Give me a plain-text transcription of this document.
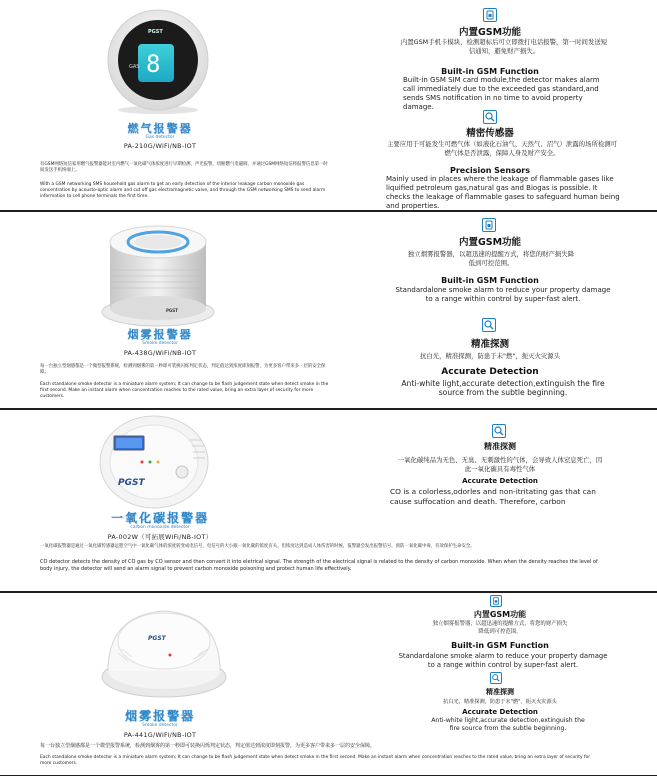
PGST
GAS 8
燃气报警器
Gas detector
PA-210G/WiFi/NB-IOT
有GSM网络短信家用燃气报警器能对室内燃气一氧化碳气体浓度进行早期检测，声光报警，切断燃气电磁阀，并通过GSM网络短信将报警信息第一时间发送手机终端上。
With a GSM networking SMS household gas alarm to get an early detection of the interior leakage carbon monoxide gas concentration by acousto-optic alarm and cut off gas electromagnetic valve, and through the GSM networking SMS to send alarm information to cell phone terminals the first time.
内置GSM功能
内置GSM手机卡模块，检测超标后可立即拨打电话报警，第一时间发送短信通知，避免财产损失。
Built-in GSM Function
Built-in GSM SIM card module,the detector makes alarm call immediately due to the exceeded gas standard,and sends SMS notification in no time to avoid property damage.
精密传感器
主要应用于可能发生可燃气体（如液化石油气、天然气、沼气）泄露的场所检测可燃气体是否泄露，保障人身及财产安全。
Precision Sensors
Mainly used in places where the leakage of flammable gases like liquified petroleum gas,natural gas and Biogas is possible. It checks the leakage of flammable gases to safeguard human being and properties.
PGST
烟雾报警器
Smoke detector
PA-438G/WiFi/NB-IOT
每一台独立型烟感都是一个微型报警系统，检测到烟雾的第一秒即可装换闪烁判定状态，判定值达到浓度即刻报警，为更多客户带来多一层的安全保障。
Each standalone smoke detector is a miniature alarm system; It can change to be flash judgement state when detect smoke in the first second. Make an instant alarm when concentration reaches to the rated value, bring an extra layer of security for more customers.
内置GSM功能
独立烟雾报警器，以超迅速的提醒方式，将您的财产损失降低到可控范围。
Built-in GSM Function
Standardalone smoke alarm to reduce your property damage to a range within control by super-fast alert.
精准探测
抗白光，精准探测，防患于未"燃"，扼灭火灾源头
Accurate Detection
Anti-white light,accurate detection,extinguish the fire source from the subtle beginning.
PGST
一氧化碳报警器
carbon monoxide detector
PA-002W（可拓展WiFi/NB-IOT）
一氧化碳报警器是通过一氧化碳传感器远程空气中一氧化碳气体的浓度转变成电信号，电信号的大小跟一氧化碳的浓度有关。但浓度达到造成人体伤害的时候，报警器会发出报警信号，预防一氧化碳中毒，有效保护生命安全。
CO detector detects the density of CO gas by CO sensor and then convert it into eletrical signal. The strength of the electrical signal is related to the density of carbon monoxide. When when the density reaches the level of body injury, the detector will send an alarm signal to prevent carbon monoxide poisoning and protect human life effectively.
精准探测
一氧化碳纯品为无色、无臭、无刺激性的气体，会导致人体窒息死亡，因此一氧化碳具有毒性气体
Accurate Detection
CO is a colorless,odorles and non-itritating gas that can cause suffocation and death. Therefore, carbon
PGST
烟雾报警器
Smoke detector
PA-441G/WiFi/NB-IOT
每一台独立型烟感都是一个微型报警系统，检测到烟雾的第一秒即可装换闪烁判定状态，判定值达到浓度即刻报警，为更多客户带来多一层的安全保障。
Each standalone smoke detector is a miniature alarm system; It can change to be flash judgement state when detect smoke in the first second. Make an instant alarm when concentration reaches to the rated value, bring an extra layer of security for more customers.
内置GSM功能
独立烟雾报警器，以超迅速的提醒方式，将您的财产损失降低到可控范围。
Built-in GSM Function
Standardalone smoke alarm to reduce your property damage to a range within control by super-fast alert.
精准探测
抗白光，精准探测，防患于未"燃"，扼灭火灾源头
Accurate Detection
Anti-white light,accurate detection,extinguish the fire source from the subtle beginning.
